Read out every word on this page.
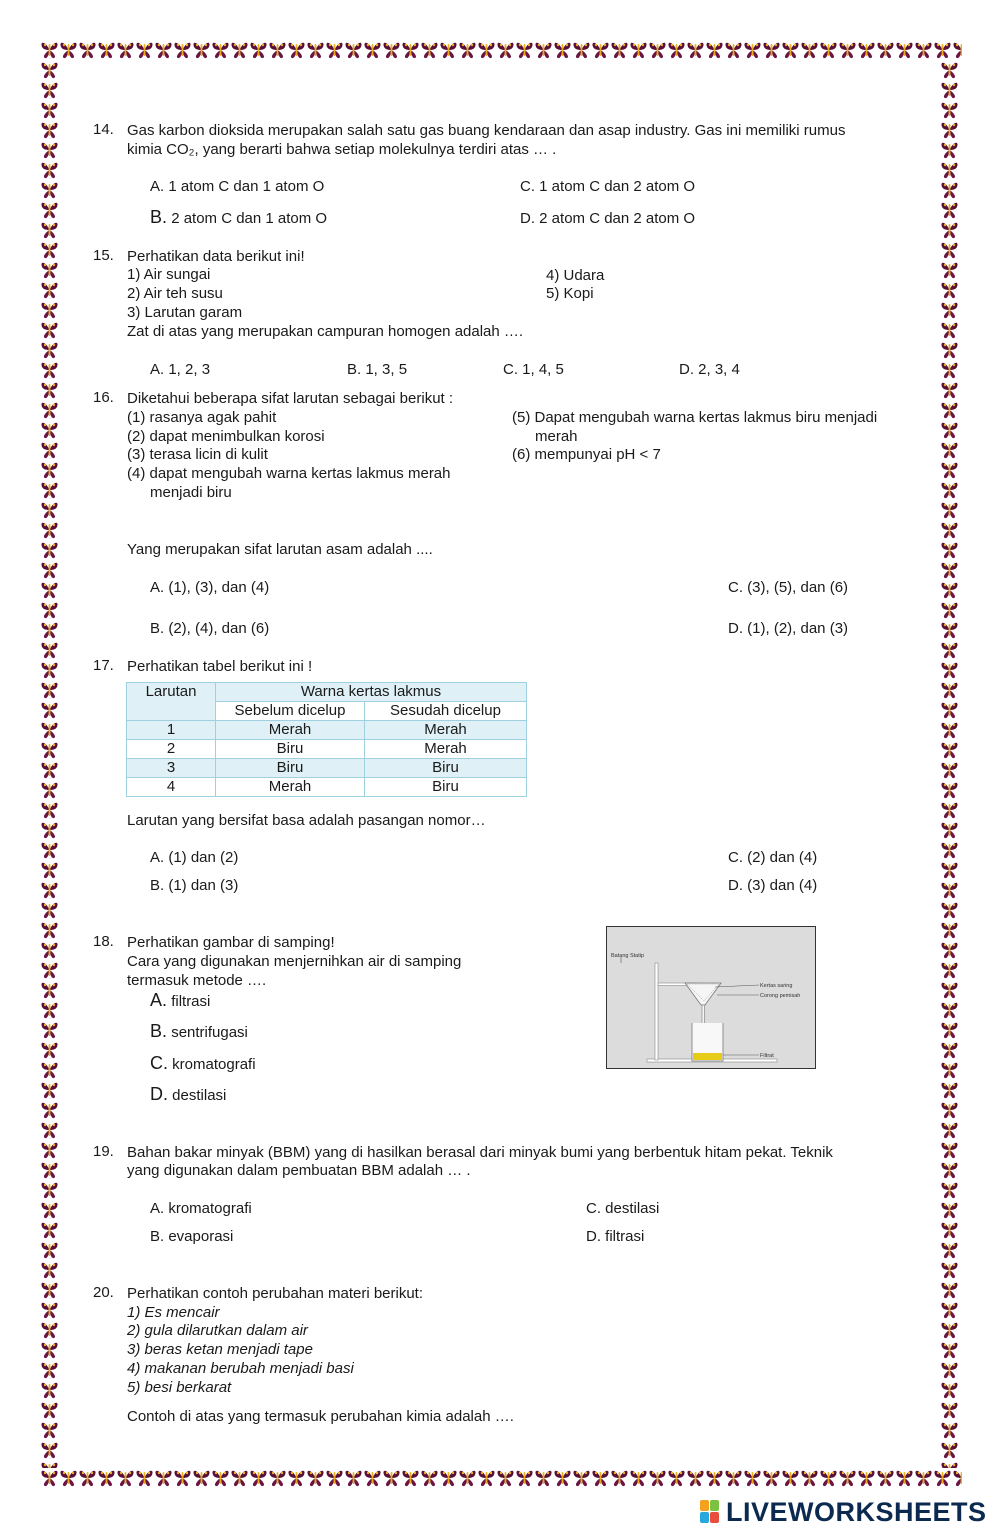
14. Gas karbon dioksida merupakan salah satu gas buang kendaraan dan asap industry. Gas ini memiliki rumus
kimia CO₂, yang berarti bahwa setiap molekulnya terdiri atas … .
A. 1 atom C dan 1 atom O	C. 1 atom C dan 2 atom O
B. 2 atom C dan 1 atom O	D. 2 atom C dan 2 atom O
15. Perhatikan data berikut ini!
1) Air sungai
2) Air teh susu
3) Larutan garam
4) Udara
5) Kopi
Zat di atas yang merupakan campuran homogen adalah ….
A. 1, 2, 3	B. 1, 3, 5	C. 1, 4, 5	D. 2, 3, 4
16. Diketahui beberapa sifat larutan sebagai berikut :
(1) rasanya agak pahit
(2) dapat menimbulkan korosi
(3) terasa licin di kulit
(4) dapat mengubah warna kertas lakmus merah
menjadi biru
(5) Dapat mengubah warna kertas lakmus biru menjadi
merah
(6) mempunyai pH < 7
Yang merupakan sifat larutan asam adalah ....
A. (1), (3), dan (4)
B. (2), (4), dan (6)
C. (3), (5), dan (6)
D. (1), (2), dan (3)
17. Perhatikan tabel berikut ini !
Larutan	Warna kertas lakmus	
	Sebelum dicelup	Sesudah dicelup
1	Merah	Merah
2	Biru	Merah
3	Biru	Biru
4	Merah	Biru
Larutan yang bersifat basa adalah pasangan nomor…
A. (1) dan (2)
B. (1) dan (3)
C. (2) dan (4)
D. (3) dan (4)
18. Perhatikan gambar di samping!
Cara yang digunakan menjernihkan air di samping
termasuk metode ….
A. filtrasi
B. sentrifugasi
C. kromatografi
D. destilasi
Batang Statip
Kertas saring
Corong pemisah
Filtrat
19. Bahan bakar minyak (BBM) yang di hasilkan berasal dari minyak bumi yang berbentuk hitam pekat. Teknik
yang digunakan dalam pembuatan BBM adalah … .
A. kromatografi
B. evaporasi
C. destilasi
D. filtrasi
20. Perhatikan contoh perubahan materi berikut:
1) Es mencair
2) gula dilarutkan dalam air
3) beras ketan menjadi tape
4) makanan berubah menjadi basi
5) besi berkarat
Contoh di atas yang termasuk perubahan kimia adalah ….
LIVEWORKSHEETS
